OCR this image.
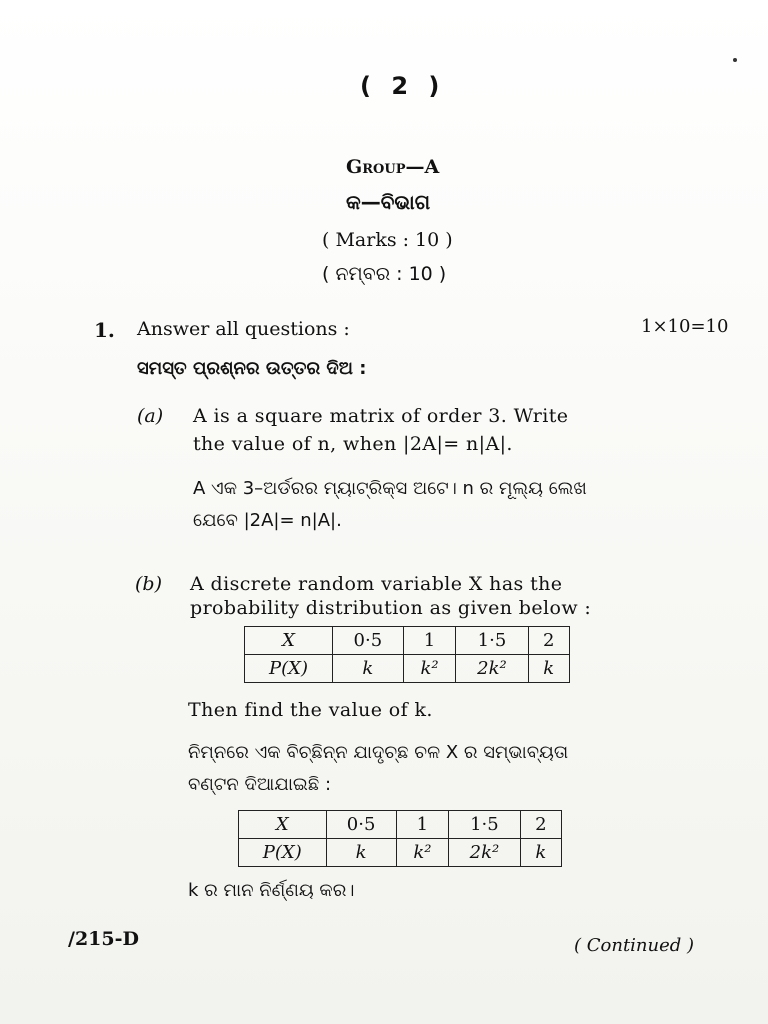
( 2 )
Group—A
କ—ବିଭାଗ
( Marks : 10 )
( ନମ୍ବର : 10 )
1. Answer all questions :	1×10=10
ସମସ୍ତ ପ୍ରଶ୍ନର ଉତ୍ତର ଦିଅ :
(a) A is a square matrix of order 3. Write
the value of n, when |2A|= n|A|.
A ଏକ 3–ଅର୍ଡରର ମ୍ୟାଟ୍ରିକ୍ସ ଅଟେ। n ର ମୂଲ୍ୟ ଲେଖ
ଯେବେ |2A|= n|A|.
(b) A discrete random variable X has the
probability distribution as given below :
X	0·5	1	1·5	2
P(X)	k	k²	2k²	k
Then find the value of k.
ନିମ୍ନରେ ଏକ ବିଚ୍ଛିନ୍ନ ଯାଦୃଚ୍ଛ ଚଳ X ର ସମ୍ଭାବ୍ୟତା
ବଣ୍ଟନ ଦିଆଯାଇଛି :
X	0·5	1	1·5	2
P(X)	k	k²	2k²	k
k ର ମାନ ନିର୍ଣ୍ଣୟ କର।
/215-D	( Continued )
